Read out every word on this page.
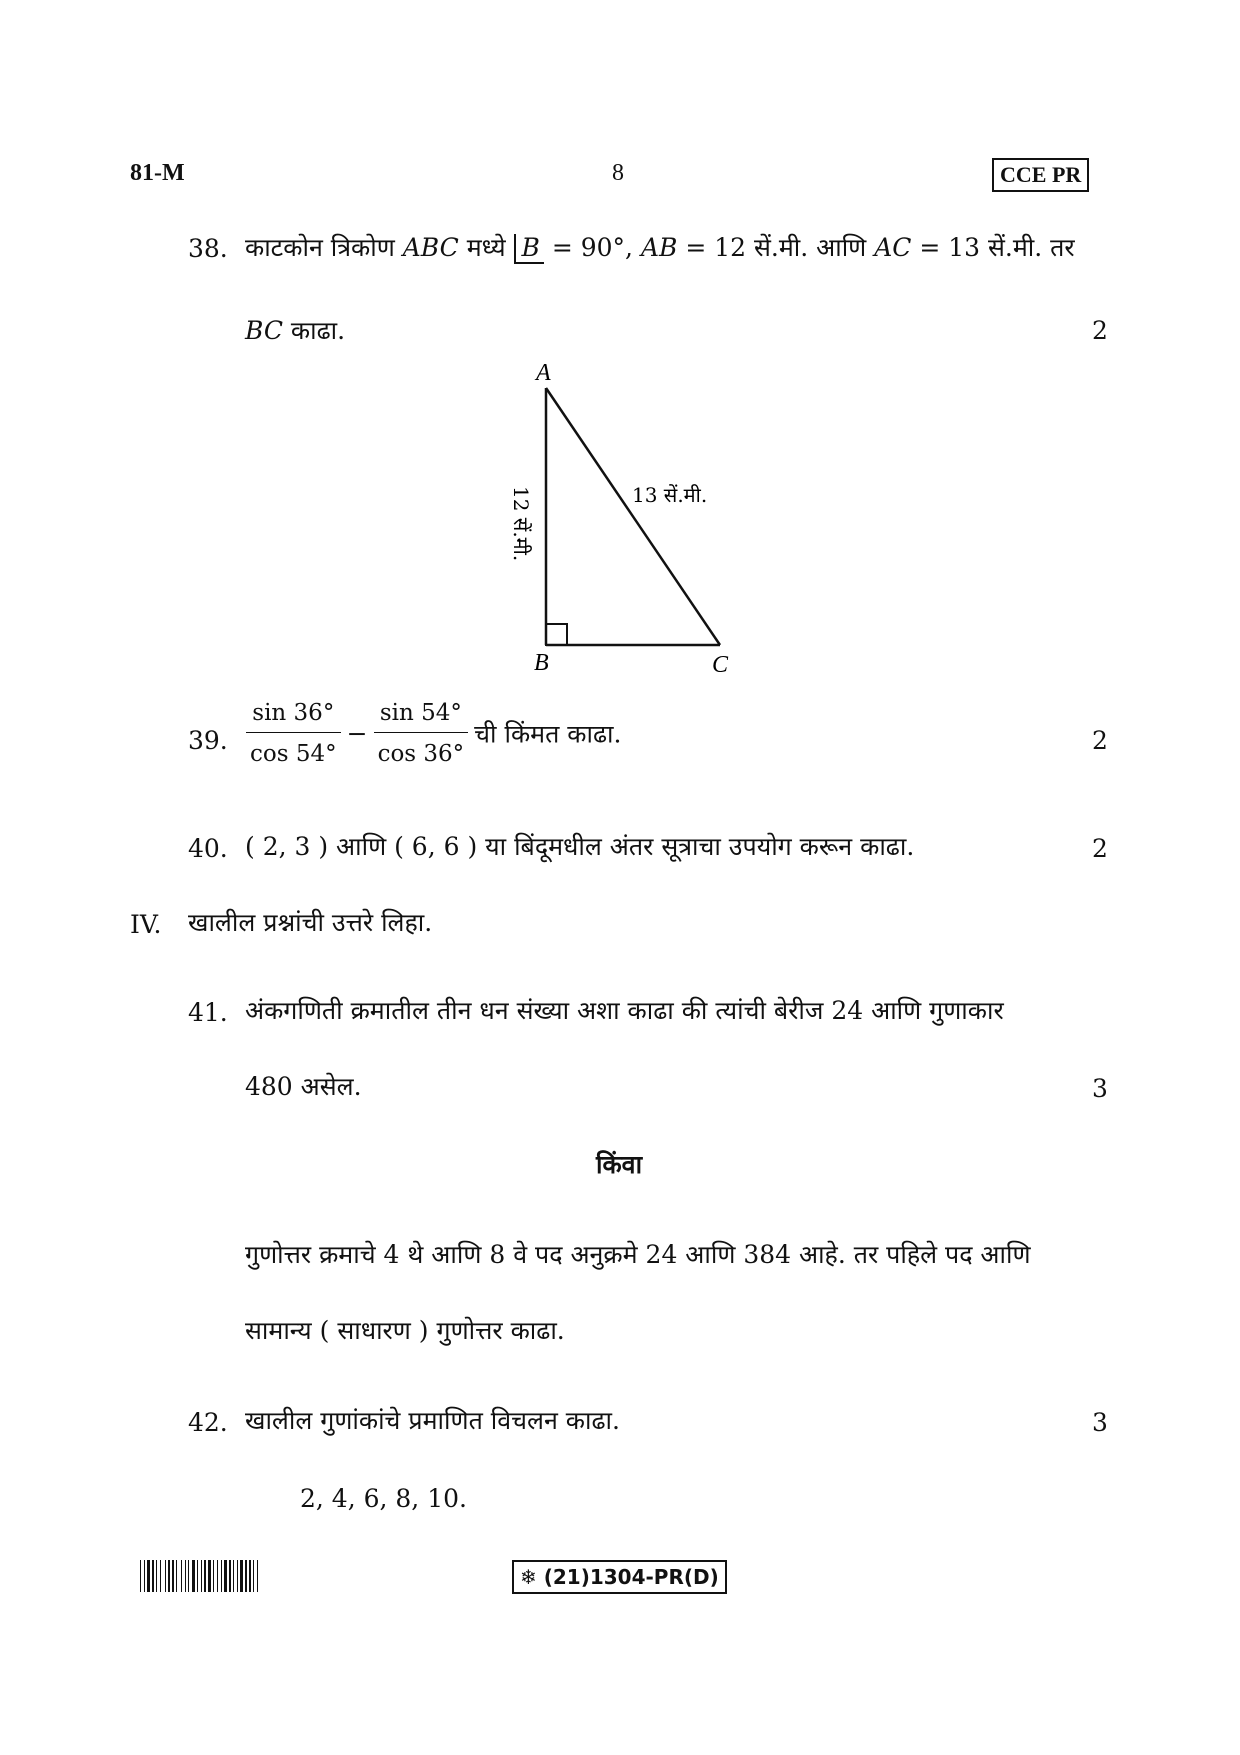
81-M	8	CCE PR
38. काटकोन त्रिकोण ABC मध्ये B = 90°, AB = 12 सें.मी. आणि AC = 13 सें.मी. तर
BC काढा.	2
A
B	C
13 सें.मी.
12 सें.मी.
39. $\frac{\sin 36^\circ}{\cos 54^\circ} - \frac{\sin 54^\circ}{\cos 36^\circ}$ ची किंमत काढा.	2
40. ( 2, 3 ) आणि ( 6, 6 ) या बिंदूमधील अंतर सूत्राचा उपयोग करून काढा.	2
IV. खालील प्रश्नांची उत्तरे लिहा.
41. अंकगणिती क्रमातील तीन धन संख्या अशा काढा की त्यांची बेरीज 24 आणि गुणाकार
480 असेल.	3
किंवा
गुणोत्तर क्रमाचे 4 थे आणि 8 वे पद अनुक्रमे 24 आणि 384 आहे. तर पहिले पद आणि
सामान्य ( साधारण ) गुणोत्तर काढा.
42. खालील गुणांकांचे प्रमाणित विचलन काढा.	3
2, 4, 6, 8, 10.
❄ (21)1304-PR(D)
